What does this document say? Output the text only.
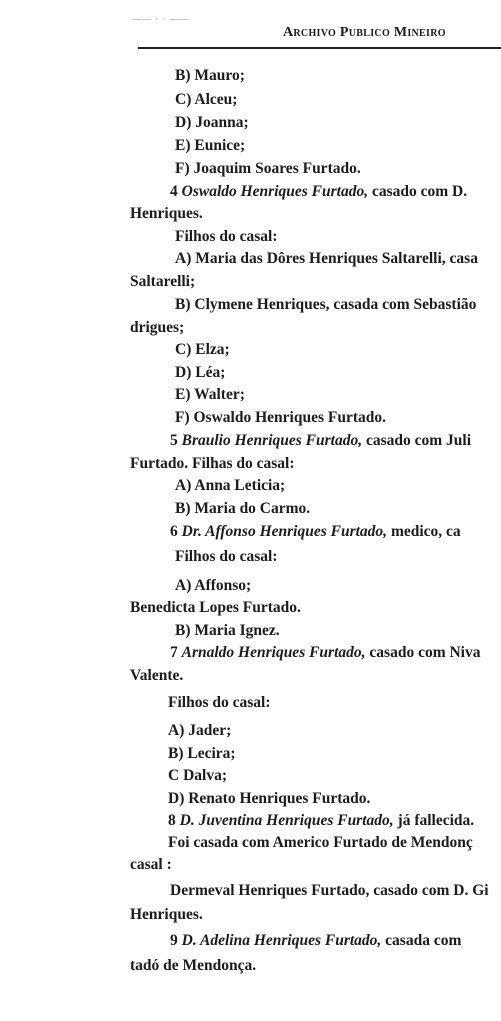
—— · · ——
Archivo Publico Mineiro
B) Mauro;
C) Alceu;
D) Joanna;
E) Eunice;
F) Joaquim Soares Furtado.
4 Oswaldo Henriques Furtado, casado com D.
Henriques.
Filhos do casal:
A) Maria das Dôres Henriques Saltarelli, casa
Saltarelli;
B) Clymene Henriques, casada com Sebastião
drigues;
C) Elza;
D) Léa;
E) Walter;
F) Oswaldo Henriques Furtado.
5 Braulio Henriques Furtado, casado com Juli
Furtado. Filhas do casal:
A) Anna Leticia;
B) Maria do Carmo.
6 Dr. Affonso Henriques Furtado, medico, ca
Filhos do casal:
A) Affonso;
Benedicta Lopes Furtado.
B) Maria Ignez.
7 Arnaldo Henriques Furtado, casado com Niva
Valente.
Filhos do casal:
A) Jader;
B) Lecira;
C Dalva;
D) Renato Henriques Furtado.
8 D. Juventina Henriques Furtado, já fallecida.
Foi casada com Americo Furtado de Mendonç
casal :
Dermeval Henriques Furtado, casado com D. Gi
Henriques.
9 D. Adelina Henriques Furtado, casada com
tadó de Mendonça.
